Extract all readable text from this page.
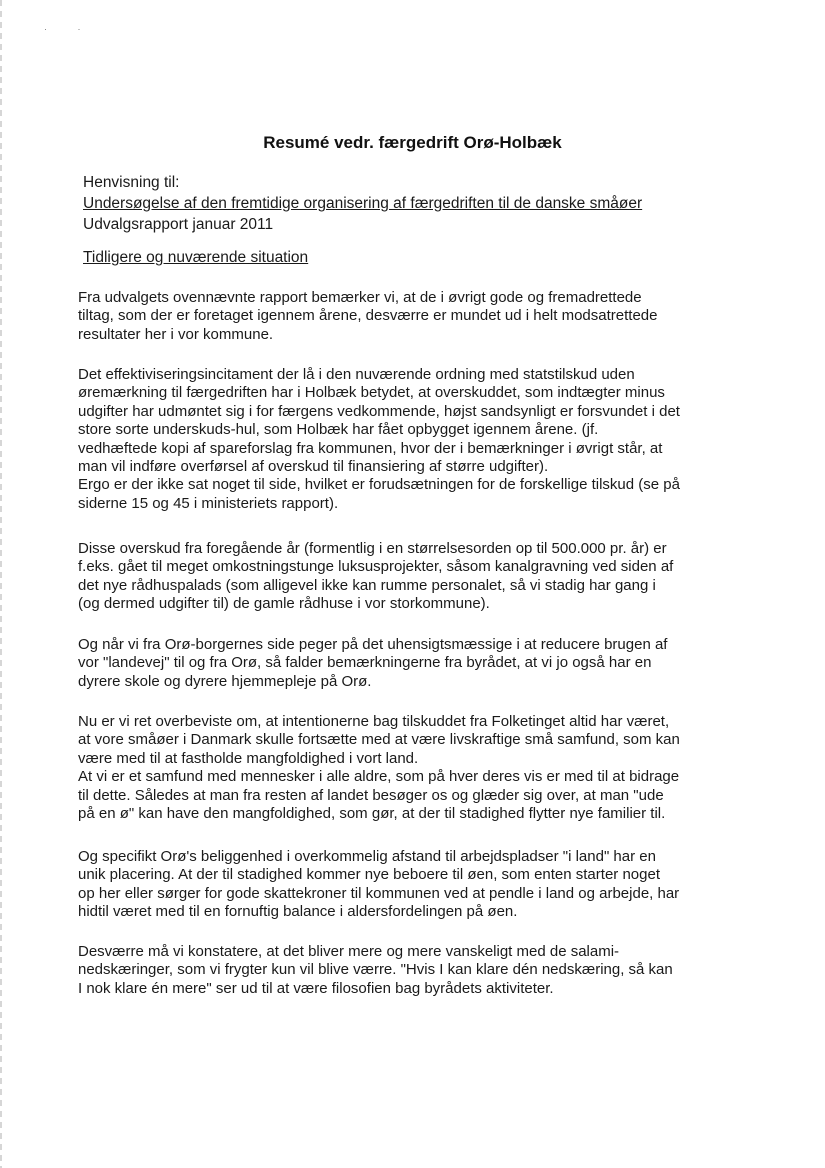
· ·
Resumé vedr. færgedrift Orø-Holbæk
Henvisning til:
Undersøgelse af den fremtidige organisering af færgedriften til de danske småøer
Udvalgsrapport januar 2011
Tidligere og nuværende situation
Fra udvalgets ovennævnte rapport bemærker vi, at de i øvrigt gode og fremadrettede
tiltag, som der er foretaget igennem årene, desværre er mundet ud i helt modsatrettede
resultater her i vor kommune.
Det effektiviseringsincitament der lå i den nuværende ordning med statstilskud uden
øremærkning til færgedriften har i Holbæk betydet, at overskuddet, som indtægter minus
udgifter har udmøntet sig i for færgens vedkommende, højst sandsynligt er forsvundet i det
store sorte underskuds-hul, som Holbæk har fået opbygget igennem årene. (jf.
vedhæftede kopi af spareforslag fra kommunen, hvor der i bemærkninger i øvrigt står, at
man vil indføre overførsel af overskud til finansiering af større udgifter).
Ergo er der ikke sat noget til side, hvilket er forudsætningen for de forskellige tilskud (se på
siderne 15 og 45 i ministeriets rapport).
Disse overskud fra foregående år (formentlig i en størrelsesorden op til 500.000 pr. år) er
f.eks. gået til meget omkostningstunge luksusprojekter, såsom kanalgravning ved siden af
det nye rådhuspalads (som alligevel ikke kan rumme personalet, så vi stadig har gang i
(og dermed udgifter til) de gamle rådhuse i vor storkommune).
Og når vi fra Orø-borgernes side peger på det uhensigtsmæssige i at reducere brugen af
vor "landevej" til og fra Orø, så falder bemærkningerne fra byrådet, at vi jo også har en
dyrere skole og dyrere hjemmepleje på Orø.
Nu er vi ret overbeviste om, at intentionerne bag tilskuddet fra Folketinget altid har været,
at vore småøer i Danmark skulle fortsætte med at være livskraftige små samfund, som kan
være med til at fastholde mangfoldighed i vort land.
At vi er et samfund med mennesker i alle aldre, som på hver deres vis er med til at bidrage
til dette. Således at man fra resten af landet besøger os og glæder sig over, at man "ude
på en ø" kan have den mangfoldighed, som gør, at der til stadighed flytter nye familier til.
Og specifikt Orø's beliggenhed i overkommelig afstand til arbejdspladser "i land" har en
unik placering. At der til stadighed kommer nye beboere til øen, som enten starter noget
op her eller sørger for gode skattekroner til kommunen ved at pendle i land og arbejde, har
hidtil været med til en fornuftig balance i aldersfordelingen på øen.
Desværre må vi konstatere, at det bliver mere og mere vanskeligt med de salami-
nedskæringer, som vi frygter kun vil blive værre. "Hvis I kan klare dén nedskæring, så kan
I nok klare én mere" ser ud til at være filosofien bag byrådets aktiviteter.
